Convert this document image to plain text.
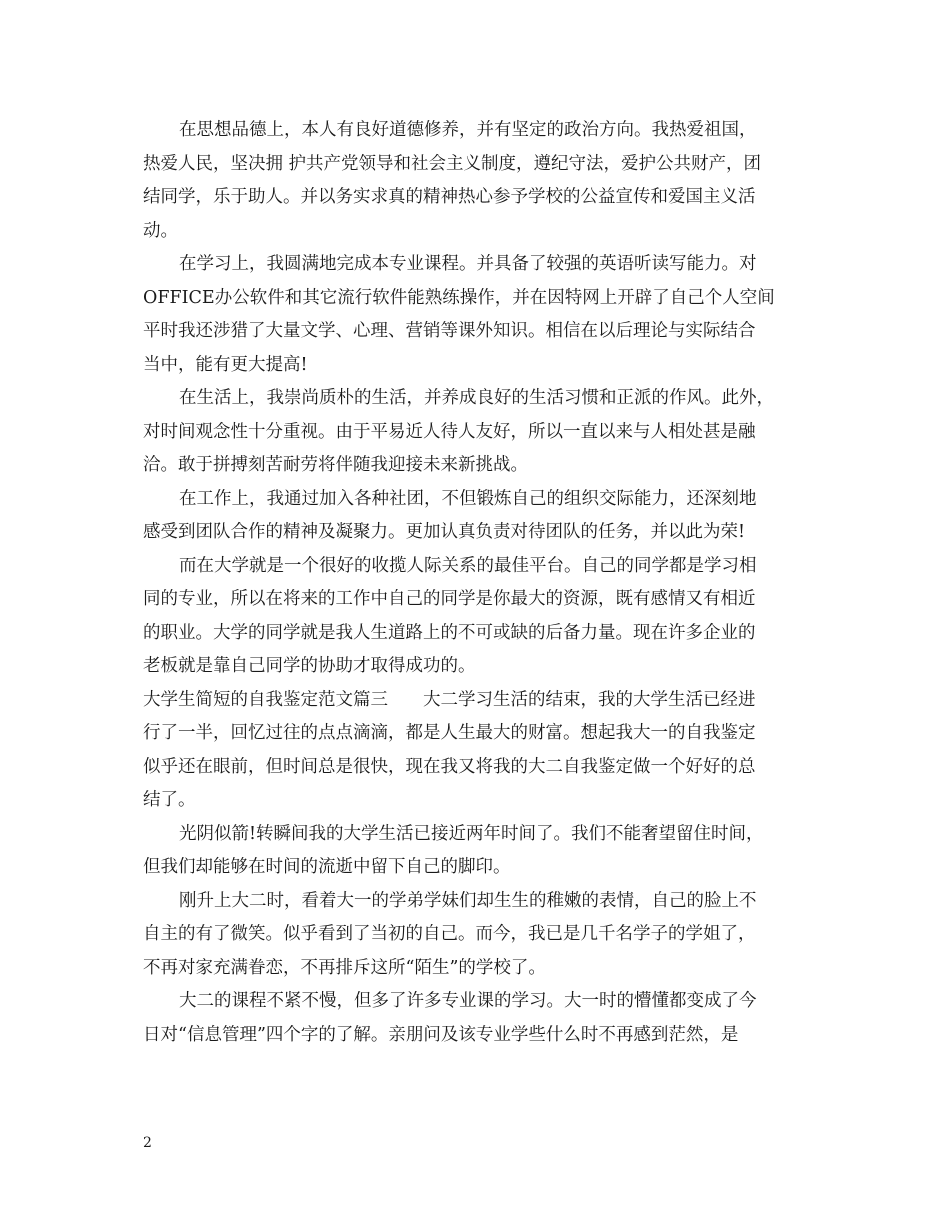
在思想品德上，本人有良好道德修养，并有坚定的政治方向。我热爱祖国，
热爱人民，坚决拥 护共产党领导和社会主义制度，遵纪守法，爱护公共财产，团
结同学，乐于助人。并以务实求真的精神热心参予学校的公益宣传和爱国主义活
动。
在学习上，我圆满地完成本专业课程。并具备了较强的英语听读写能力。对
OFFICE办公软件和其它流行软件能熟练操作，并在因特网上开辟了自己个人空间
平时我还涉猎了大量文学、心理、营销等课外知识。相信在以后理论与实际结合
当中，能有更大提高!
在生活上，我崇尚质朴的生活，并养成良好的生活习惯和正派的作风。此外，
对时间观念性十分重视。由于平易近人待人友好，所以一直以来与人相处甚是融
洽。敢于拼搏刻苦耐劳将伴随我迎接未来新挑战。
在工作上，我通过加入各种社团，不但锻炼自己的组织交际能力，还深刻地
感受到团队合作的精神及凝聚力。更加认真负责对待团队的任务，并以此为荣!
而在大学就是一个很好的收揽人际关系的最佳平台。自己的同学都是学习相
同的专业，所以在将来的工作中自己的同学是你最大的资源，既有感情又有相近
的职业。大学的同学就是我人生道路上的不可或缺的后备力量。现在许多企业的
老板就是靠自己同学的协助才取得成功的。
大学生简短的自我鉴定范文篇三　　大二学习生活的结束，我的大学生活已经进
行了一半，回忆过往的点点滴滴，都是人生最大的财富。想起我大一的自我鉴定
似乎还在眼前，但时间总是很快，现在我又将我的大二自我鉴定做一个好好的总
结了。
光阴似箭!转瞬间我的大学生活已接近两年时间了。我们不能奢望留住时间，
但我们却能够在时间的流逝中留下自己的脚印。
刚升上大二时，看着大一的学弟学妹们却生生的稚嫩的表情，自己的脸上不
自主的有了微笑。似乎看到了当初的自己。而今，我已是几千名学子的学姐了，
不再对家充满眷恋，不再排斥这所“陌生”的学校了。
大二的课程不紧不慢，但多了许多专业课的学习。大一时的懵懂都变成了今
日对“信息管理”四个字的了解。亲朋问及该专业学些什么时不再感到茫然，是
2
